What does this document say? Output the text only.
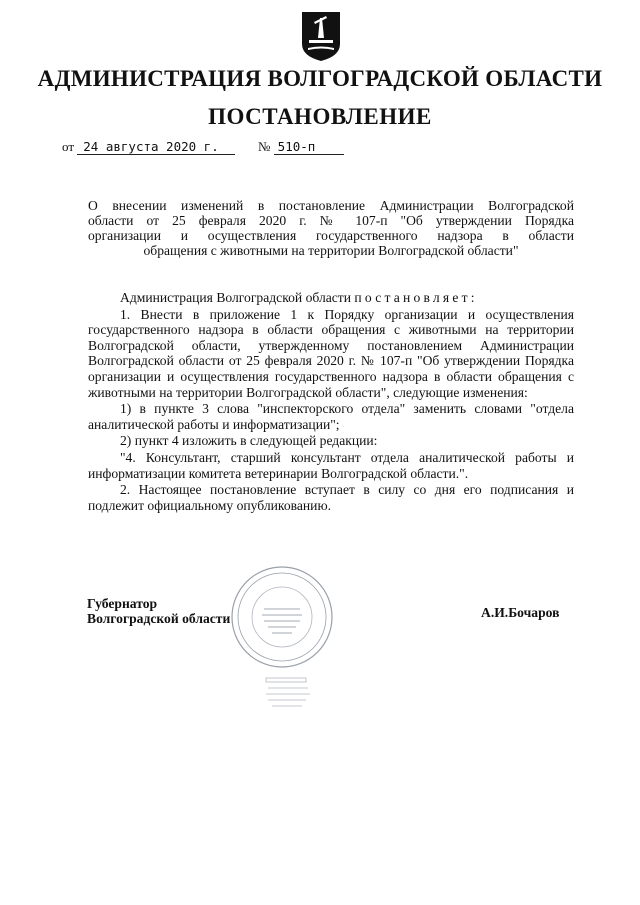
АДМИНИСТРАЦИЯ ВОЛГОГРАДСКОЙ ОБЛАСТИ
ПОСТАНОВЛЕНИЕ
от 24 августа 2020 г.	№ 510-п
О внесении изменений в постановление Администрации Волгоградской
области от 25 февраля 2020 г. № 107-п "Об утверждении Порядка
организации и осуществления государственного надзора в области
обращения с животными на территории Волгоградской области"
Администрация Волгоградской области постановляет:
1. Внести в приложение 1 к Порядку организации и осуществления государственного надзора в области обращения с животными на территории Волгоградской области, утвержденному постановлением Администрации Волгоградской области от 25 февраля 2020 г. № 107-п "Об утверждении Порядка организации и осуществления государственного надзора в области обращения с животными на территории Волгоградской области", следующие изменения:
1) в пункте 3 слова "инспекторского отдела" заменить словами "отдела аналитической работы и информатизации";
2) пункт 4 изложить в следующей редакции:
"4. Консультант, старший консультант отдела аналитической работы и информатизации комитета ветеринарии Волгоградской области.".
2. Настоящее постановление вступает в силу со дня его подписания и подлежит официальному опубликованию.
Губернатор
Волгоградской области	А.И.Бочаров
